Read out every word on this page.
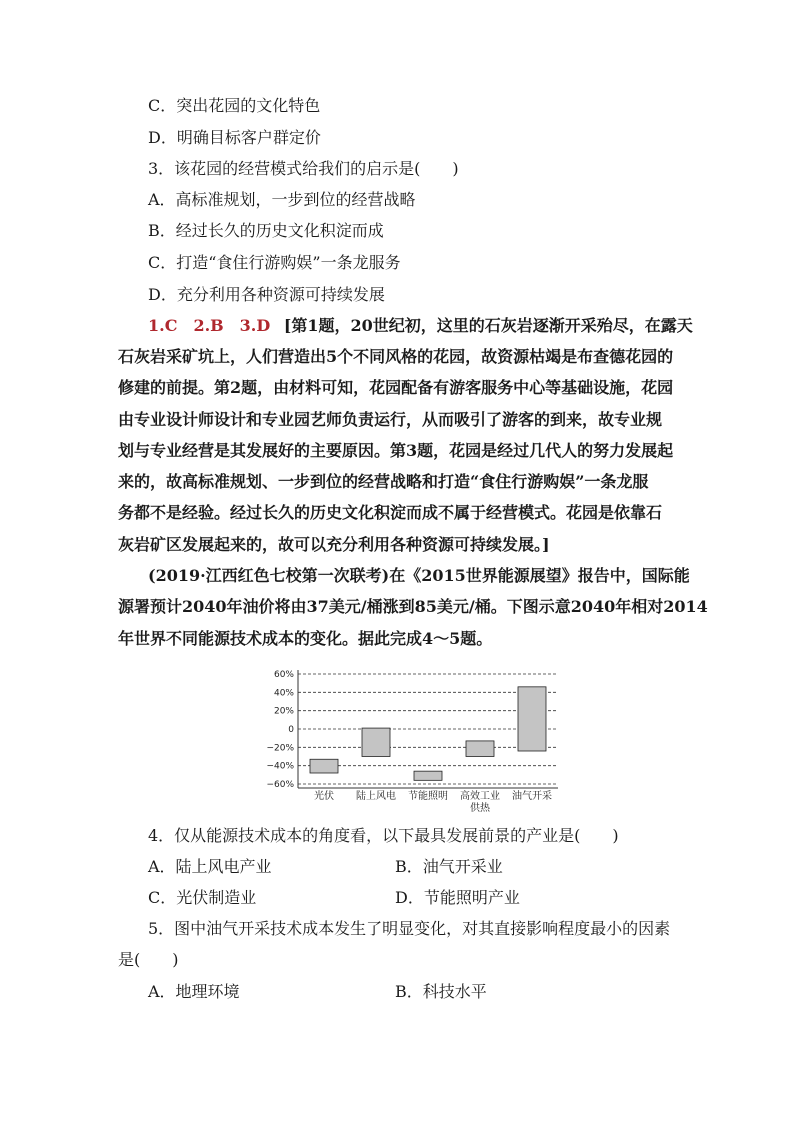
C．突出花园的文化特色
D．明确目标客户群定价
3．该花园的经营模式给我们的启示是(　　)
A．高标准规划，一步到位的经营战略
B．经过长久的历史文化积淀而成
C．打造“食住行游购娱”一条龙服务
D．充分利用各种资源可持续发展
1.C　2.B　3.D [第1题，20世纪初，这里的石灰岩逐渐开采殆尽，在露天
石灰岩采矿坑上，人们营造出5个不同风格的花园，故资源枯竭是布查德花园的
修建的前提。第2题，由材料可知，花园配备有游客服务中心等基础设施，花园
由专业设计师设计和专业园艺师负责运行，从而吸引了游客的到来，故专业规
划与专业经营是其发展好的主要原因。第3题，花园是经过几代人的努力发展起
来的，故高标准规划、一步到位的经营战略和打造“食住行游购娱”一条龙服
务都不是经验。经过长久的历史文化积淀而成不属于经营模式。花园是依靠石
灰岩矿区发展起来的，故可以充分利用各种资源可持续发展。]
(2019·江西红色七校第一次联考)在《2015世界能源展望》报告中，国际能
源署预计2040年油价将由37美元/桶涨到85美元/桶。下图示意2040年相对2014
年世界不同能源技术成本的变化。据此完成4～5题。
60%
40%
20%
0
−20%
−40%
−60%
光伏 陆上风电 节能照明 高效工业
供热
油气开采
4．仅从能源技术成本的角度看，以下最具发展前景的产业是(　　)
A．陆上风电产业	B．油气开采业
C．光伏制造业	D．节能照明产业
5．图中油气开采技术成本发生了明显变化，对其直接影响程度最小的因素
是(　　)
A．地理环境	B．科技水平
